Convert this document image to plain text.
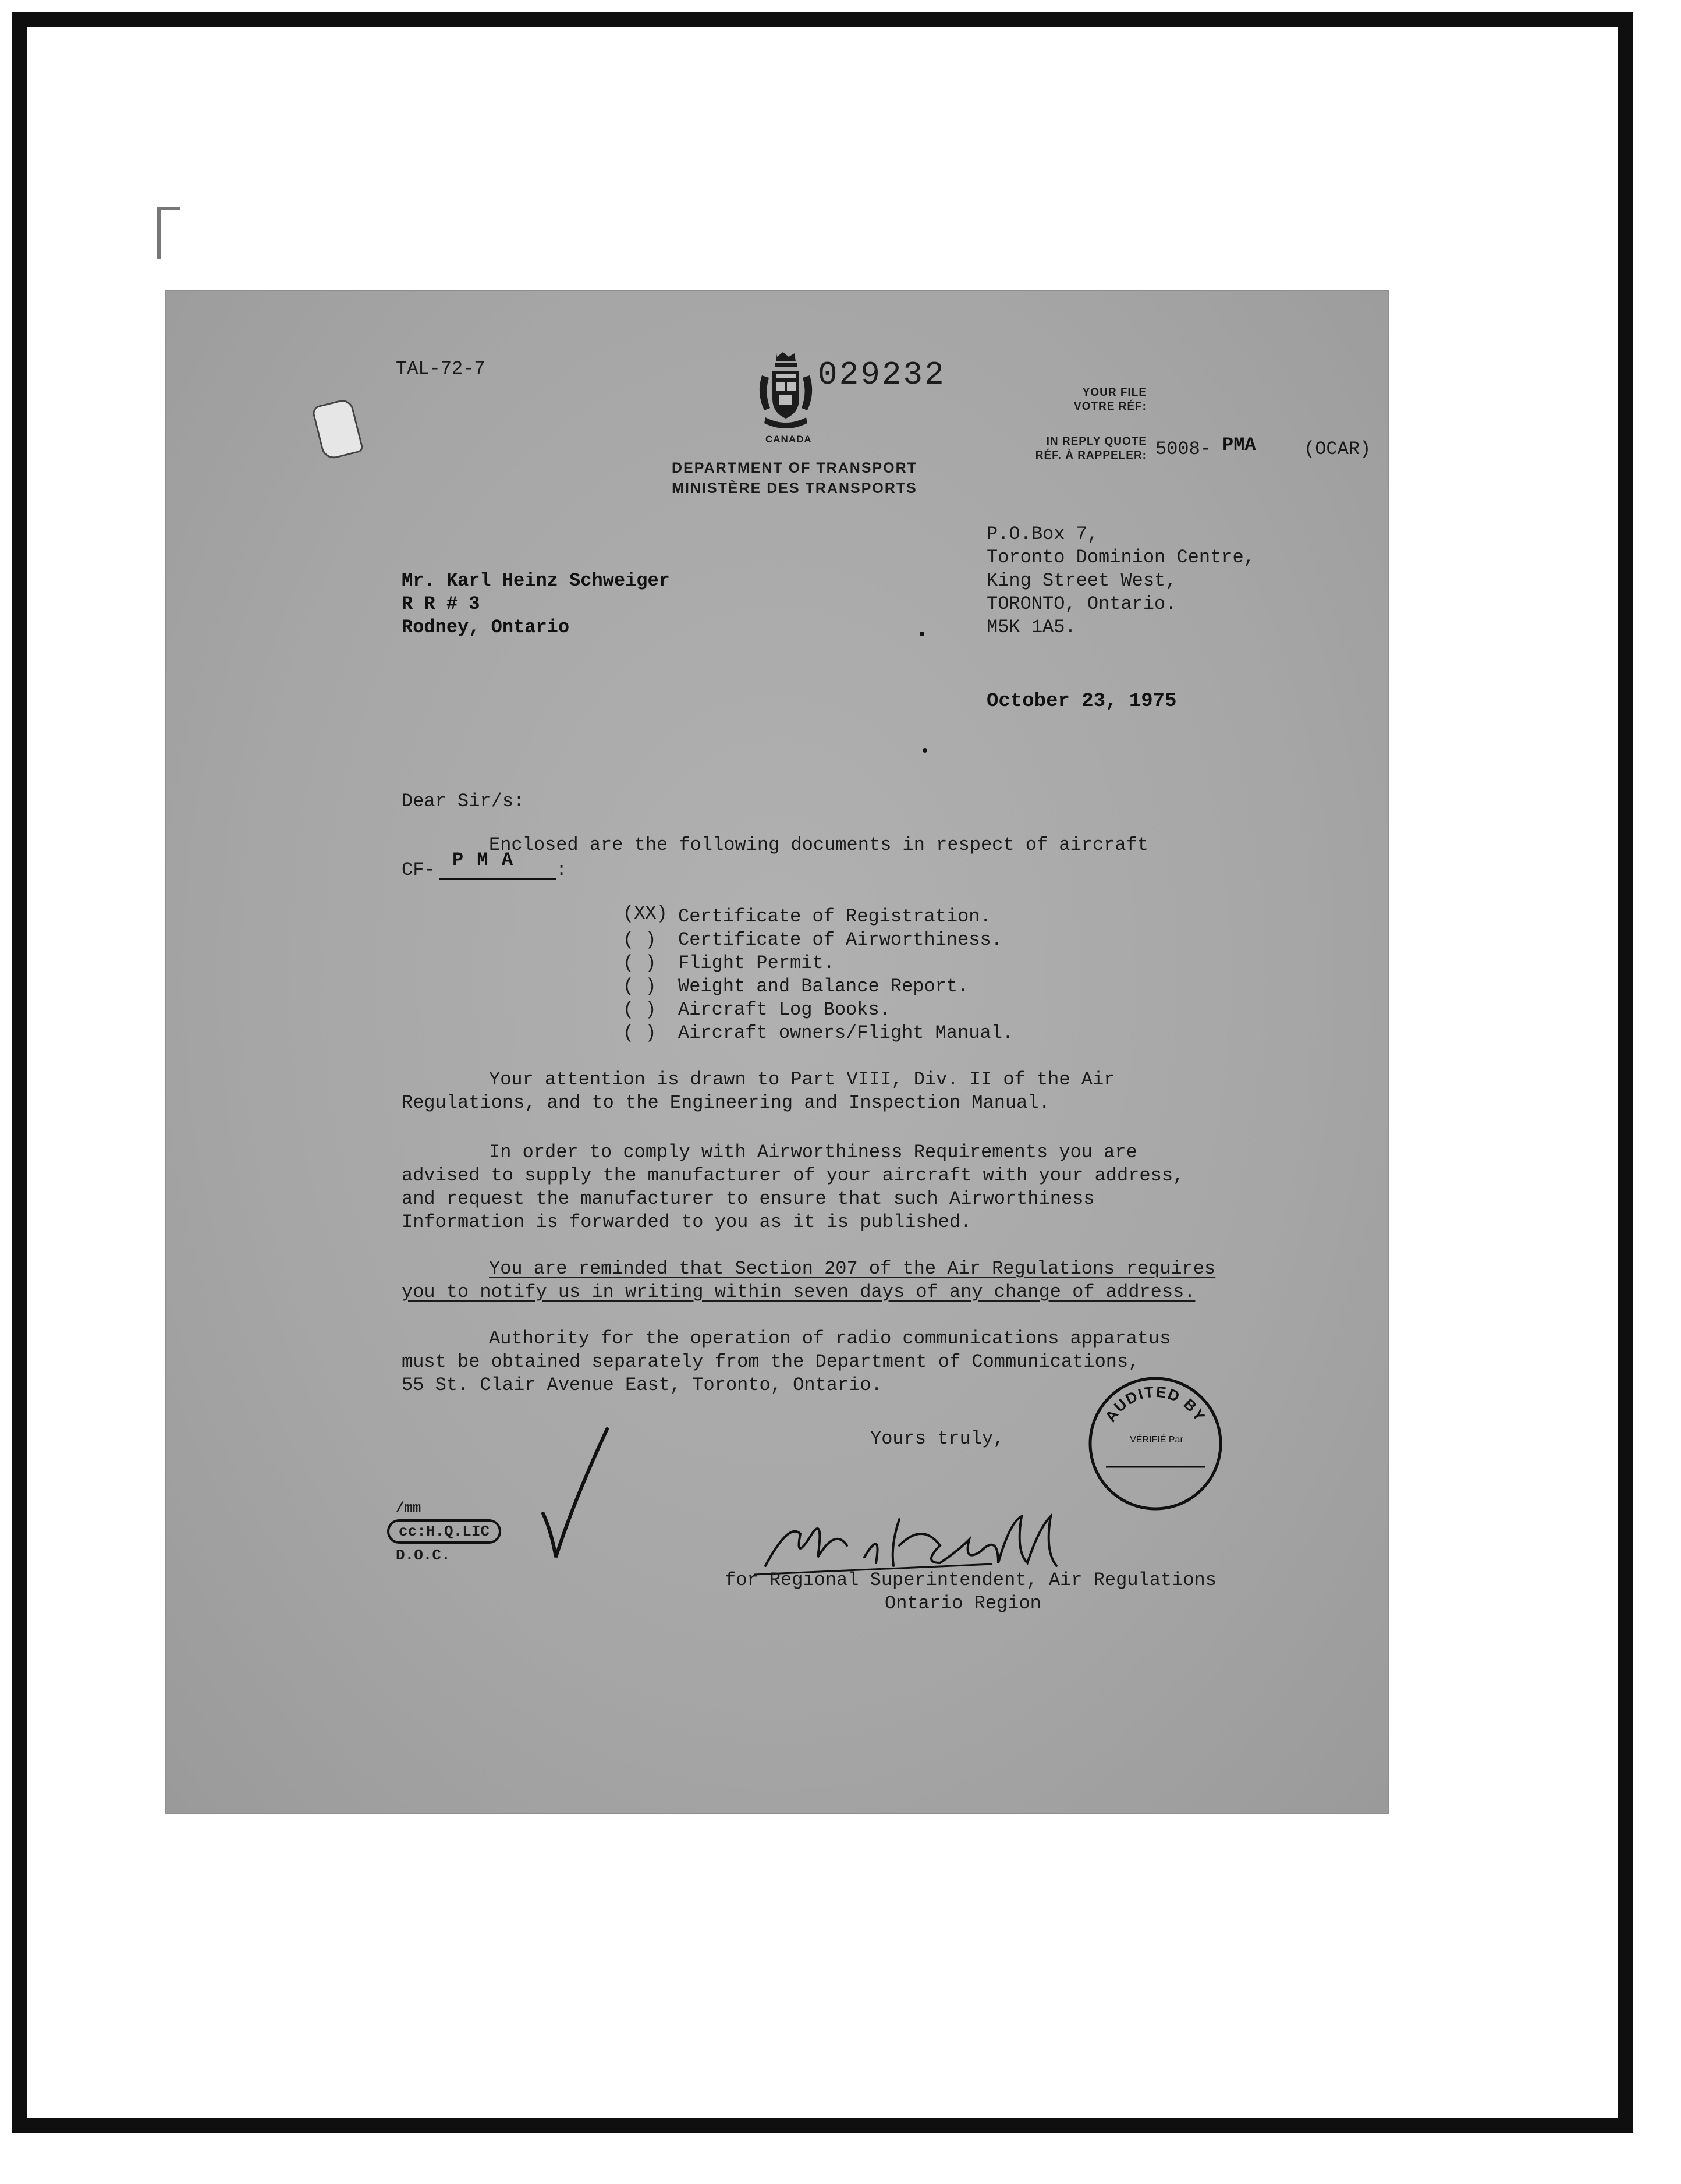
TAL-72-7
CANADA
029232
DEPARTMENT OF TRANSPORT
MINISTÈRE DES TRANSPORTS
YOUR FILE
VOTRE RÉF:
IN REPLY QUOTE
RÉF. À RAPPELER: 5008- PMA	(OCAR)
P.O.Box 7,
Toronto Dominion Centre,
King Street West,
TORONTO, Ontario.
M5K 1A5.
Mr. Karl Heinz Schweiger
R R # 3
Rodney, Ontario
October 23, 1975
Dear Sir/s:
Enclosed are the following documents in respect of aircraft
CF- P M A :
(XX) Certificate of Registration.
( ) Certificate of Airworthiness.
( ) Flight Permit.
( ) Weight and Balance Report.
( ) Aircraft Log Books.
( ) Aircraft owners/Flight Manual.
Your attention is drawn to Part VIII, Div. II of the Air
Regulations, and to the Engineering and Inspection Manual.
In order to comply with Airworthiness Requirements you are
advised to supply the manufacturer of your aircraft with your address,
and request the manufacturer to ensure that such Airworthiness
Information is forwarded to you as it is published.
You are reminded that Section 207 of the Air Regulations requires
you to notify us in writing within seven days of any change of address.
Authority for the operation of radio communications apparatus
must be obtained separately from the Department of Communications,
55 St. Clair Avenue East, Toronto, Ontario.
Yours truly,
AUDITED BY
VÉRIFIÉ Par
/mm
cc:H.Q.LIC
D.O.C.
for Regional Superintendent, Air Regulations
Ontario Region
